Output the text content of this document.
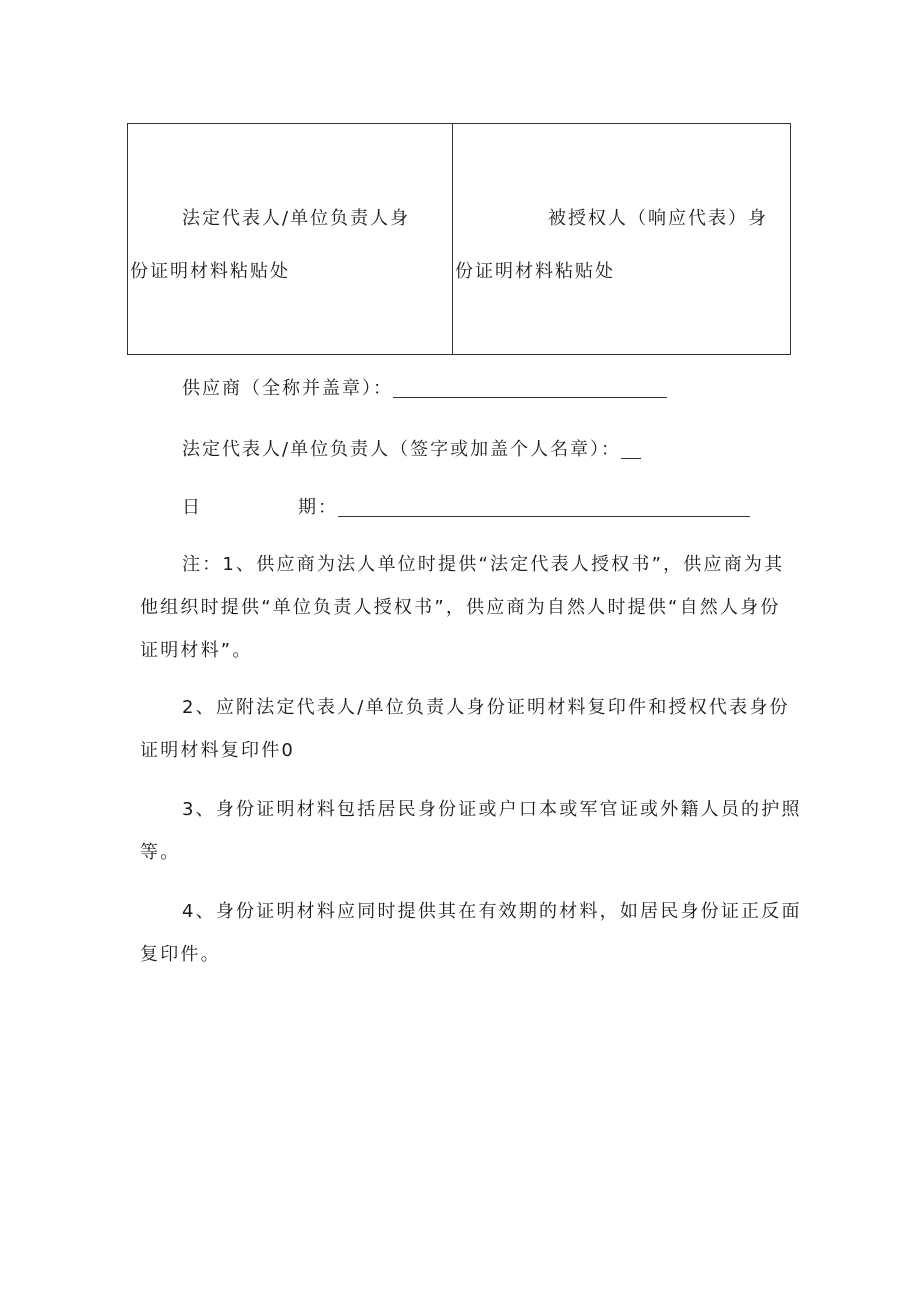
法定代表人/单位负责人身
份证明材料粘贴处
被授权人（响应代表）身
份证明材料粘贴处
供应商（全称并盖章）：
法定代表人/单位负责人（签字或加盖个人名章）：
日	期：
注：1、供应商为法人单位时提供“法定代表人授权书”，供应商为其
他组织时提供“单位负责人授权书”，供应商为自然人时提供“自然人身份
证明材料”。
2、应附法定代表人/单位负责人身份证明材料复印件和授权代表身份
证明材料复印件0
3、身份证明材料包括居民身份证或户口本或军官证或外籍人员的护照
等。
4、身份证明材料应同时提供其在有效期的材料，如居民身份证正反面
复印件。
